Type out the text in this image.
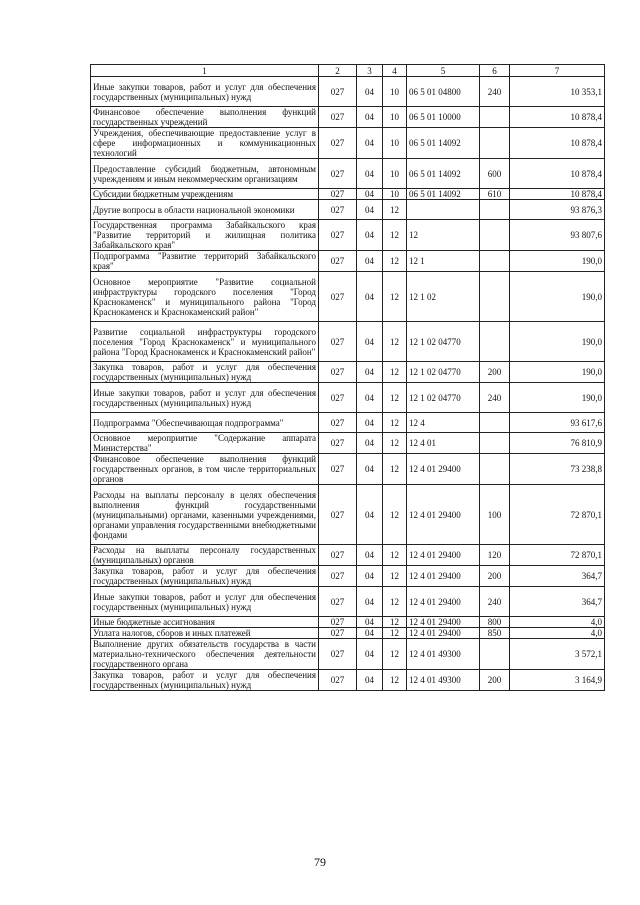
1	2	3	4	5	6	7
Иные закупки товаров, работ и услуг для обеспечения государственных (муниципальных) нужд	027	04	10	06 5 01 04800	240	10 353,1
Финансовое обеспечение выполнения функций государственных учреждений	027	04	10	06 5 01 10000		10 878,4
Учреждения, обеспечивающие предоставление услуг в сфере информационных и коммуникационных технологий	027	04	10	06 5 01 14092		10 878,4
Предоставление субсидий бюджетным, автономным учреждениям и иным некоммерческим организациям	027	04	10	06 5 01 14092	600	10 878,4
Субсидии бюджетным учреждениям	027	04	10	06 5 01 14092	610	10 878,4
Другие вопросы в области национальной экономики	027	04	12			93 876,3
Государственная программа Забайкальского края "Развитие территорий и жилищная политика Забайкальского края"	027	04	12	12		93 807,6
Подпрограмма "Развитие территорий Забайкальского края"	027	04	12	12 1		190,0
Основное мероприятие "Развитие социальной инфраструктуры городского поселения "Город Краснокаменск" и муниципального района "Город Краснокаменск и Краснокаменский район"	027	04	12	12 1 02		190,0
Развитие социальной инфраструктуры городского поселения "Город Краснокаменск" и муниципального района "Город Краснокаменск и Краснокаменский район"	027	04	12	12 1 02 04770		190,0
Закупка товаров, работ и услуг для обеспечения государственных (муниципальных) нужд	027	04	12	12 1 02 04770	200	190,0
Иные закупки товаров, работ и услуг для обеспечения государственных (муниципальных) нужд	027	04	12	12 1 02 04770	240	190,0
Подпрограмма "Обеспечивающая подпрограмма"	027	04	12	12 4		93 617,6
Основное мероприятие "Содержание аппарата Министерства"	027	04	12	12 4 01		76 810,9
Финансовое обеспечение выполнения функций государственных органов, в том числе территориальных органов	027	04	12	12 4 01 29400		73 238,8
Расходы на выплаты персоналу в целях обеспечения выполнения функций государственными (муниципальными) органами, казенными учреждениями, органами управления государственными внебюджетными фондами	027	04	12	12 4 01 29400	100	72 870,1
Расходы на выплаты персоналу государственных (муниципальных) органов	027	04	12	12 4 01 29400	120	72 870,1
Закупка товаров, работ и услуг для обеспечения государственных (муниципальных) нужд	027	04	12	12 4 01 29400	200	364,7
Иные закупки товаров, работ и услуг для обеспечения государственных (муниципальных) нужд	027	04	12	12 4 01 29400	240	364,7
Иные бюджетные ассигнования	027	04	12	12 4 01 29400	800	4,0
Уплата налогов, сборов и иных платежей	027	04	12	12 4 01 29400	850	4,0
Выполнение других обязательств государства в части материально-технического обеспечения деятельности государственного органа	027	04	12	12 4 01 49300		3 572,1
Закупка товаров, работ и услуг для обеспечения государственных (муниципальных) нужд	027	04	12	12 4 01 49300	200	3 164,9
79
